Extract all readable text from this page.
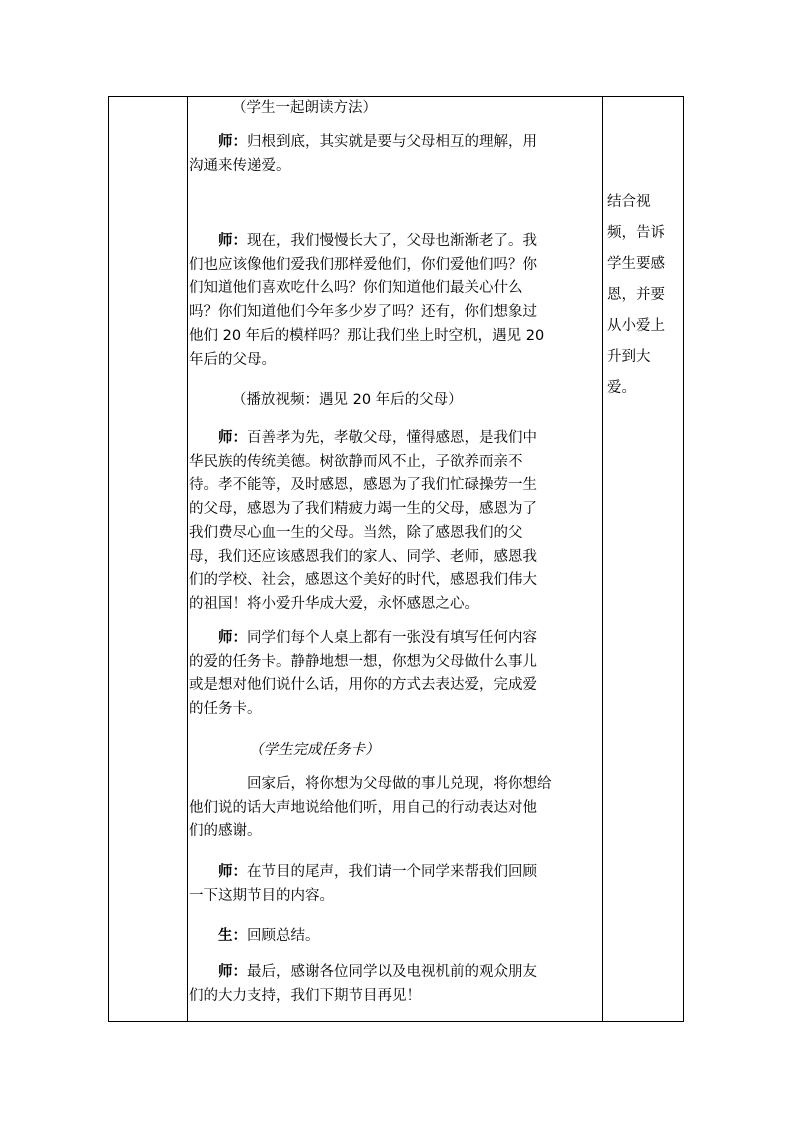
（学生一起朗读方法）

师：归根到底，其实就是要与父母相互的理解，用
沟通来传递爱。

师：现在，我们慢慢长大了，父母也渐渐老了。我
们也应该像他们爱我们那样爱他们，你们爱他们吗？你
们知道他们喜欢吃什么吗？你们知道他们最关心什么
吗？你们知道他们今年多少岁了吗？还有，你们想象过
他们 20 年后的模样吗？那让我们坐上时空机，遇见 20
年后的父母。

（播放视频：遇见 20 年后的父母）

师：百善孝为先，孝敬父母，懂得感恩，是我们中
华民族的传统美德。树欲静而风不止，子欲养而亲不
待。孝不能等，及时感恩，感恩为了我们忙碌操劳一生
的父母，感恩为了我们精疲力竭一生的父母，感恩为了
我们费尽心血一生的父母。当然，除了感恩我们的父
母，我们还应该感恩我们的家人、同学、老师，感恩我
们的学校、社会，感恩这个美好的时代，感恩我们伟大
的祖国！将小爱升华成大爱，永怀感恩之心。

师：同学们每个人桌上都有一张没有填写任何内容
的爱的任务卡。静静地想一想，你想为父母做什么事儿
或是想对他们说什么话，用你的方式去表达爱，完成爱
的任务卡。

（学生完成任务卡）

回家后，将你想为父母做的事儿兑现，将你想给
他们说的话大声地说给他们听，用自己的行动表达对他
们的感谢。

师：在节目的尾声，我们请一个同学来帮我们回顾
一下这期节目的内容。

生：回顾总结。

师：最后，感谢各位同学以及电视机前的观众朋友
们的大力支持，我们下期节目再见！

结合视
频，告诉
学生要感
恩，并要
从小爱上
升到大
爱。
